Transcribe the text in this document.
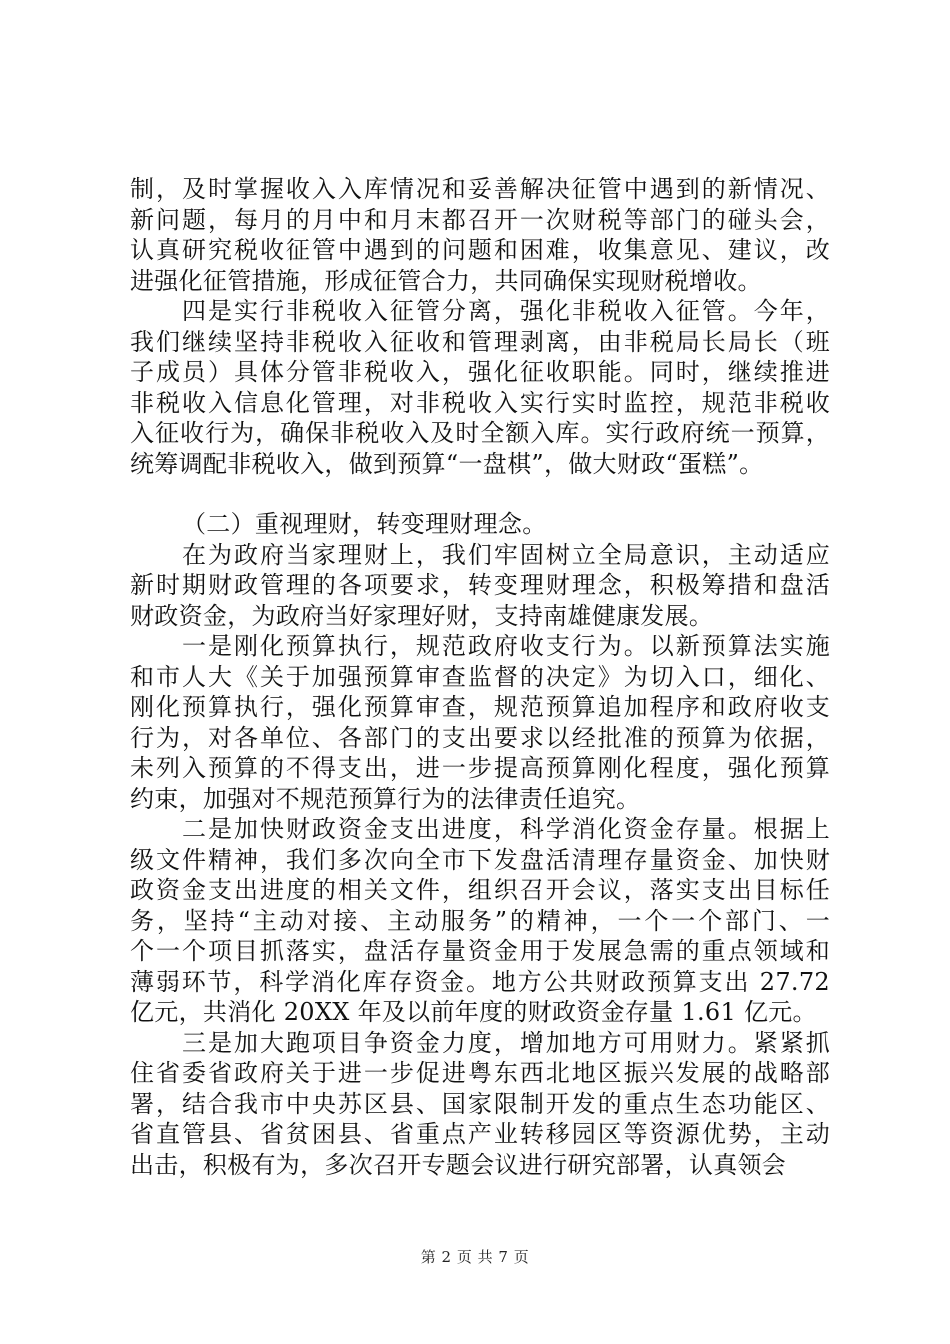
制，及时掌握收入入库情况和妥善解决征管中遇到的新情况、
新问题，每月的月中和月末都召开一次财税等部门的碰头会，
认真研究税收征管中遇到的问题和困难，收集意见、建议，改
进强化征管措施，形成征管合力，共同确保实现财税增收。
四是实行非税收入征管分离，强化非税收入征管。今年，
我们继续坚持非税收入征收和管理剥离，由非税局长局长（班
子成员）具体分管非税收入，强化征收职能。同时，继续推进
非税收入信息化管理，对非税收入实行实时监控，规范非税收
入征收行为，确保非税收入及时全额入库。实行政府统一预算，
统筹调配非税收入，做到预算“一盘棋”，做大财政“蛋糕”。
（二）重视理财，转变理财理念。
在为政府当家理财上，我们牢固树立全局意识，主动适应
新时期财政管理的各项要求，转变理财理念，积极筹措和盘活
财政资金，为政府当好家理好财，支持南雄健康发展。
一是刚化预算执行，规范政府收支行为。以新预算法实施
和市人大《关于加强预算审查监督的决定》为切入口，细化、
刚化预算执行，强化预算审查，规范预算追加程序和政府收支
行为，对各单位、各部门的支出要求以经批准的预算为依据，
未列入预算的不得支出，进一步提高预算刚化程度，强化预算
约束，加强对不规范预算行为的法律责任追究。
二是加快财政资金支出进度，科学消化资金存量。根据上
级文件精神，我们多次向全市下发盘活清理存量资金、加快财
政资金支出进度的相关文件，组织召开会议，落实支出目标任
务，坚持“主动对接、主动服务”的精神，一个一个部门、一
个一个项目抓落实，盘活存量资金用于发展急需的重点领域和
薄弱环节，科学消化库存资金。地方公共财政预算支出 27.72
亿元，共消化 20XX 年及以前年度的财政资金存量 1.61 亿元。
三是加大跑项目争资金力度，增加地方可用财力。紧紧抓
住省委省政府关于进一步促进粤东西北地区振兴发展的战略部
署，结合我市中央苏区县、国家限制开发的重点生态功能区、
省直管县、省贫困县、省重点产业转移园区等资源优势，主动
出击，积极有为，多次召开专题会议进行研究部署，认真领会
第 2 页 共 7 页
